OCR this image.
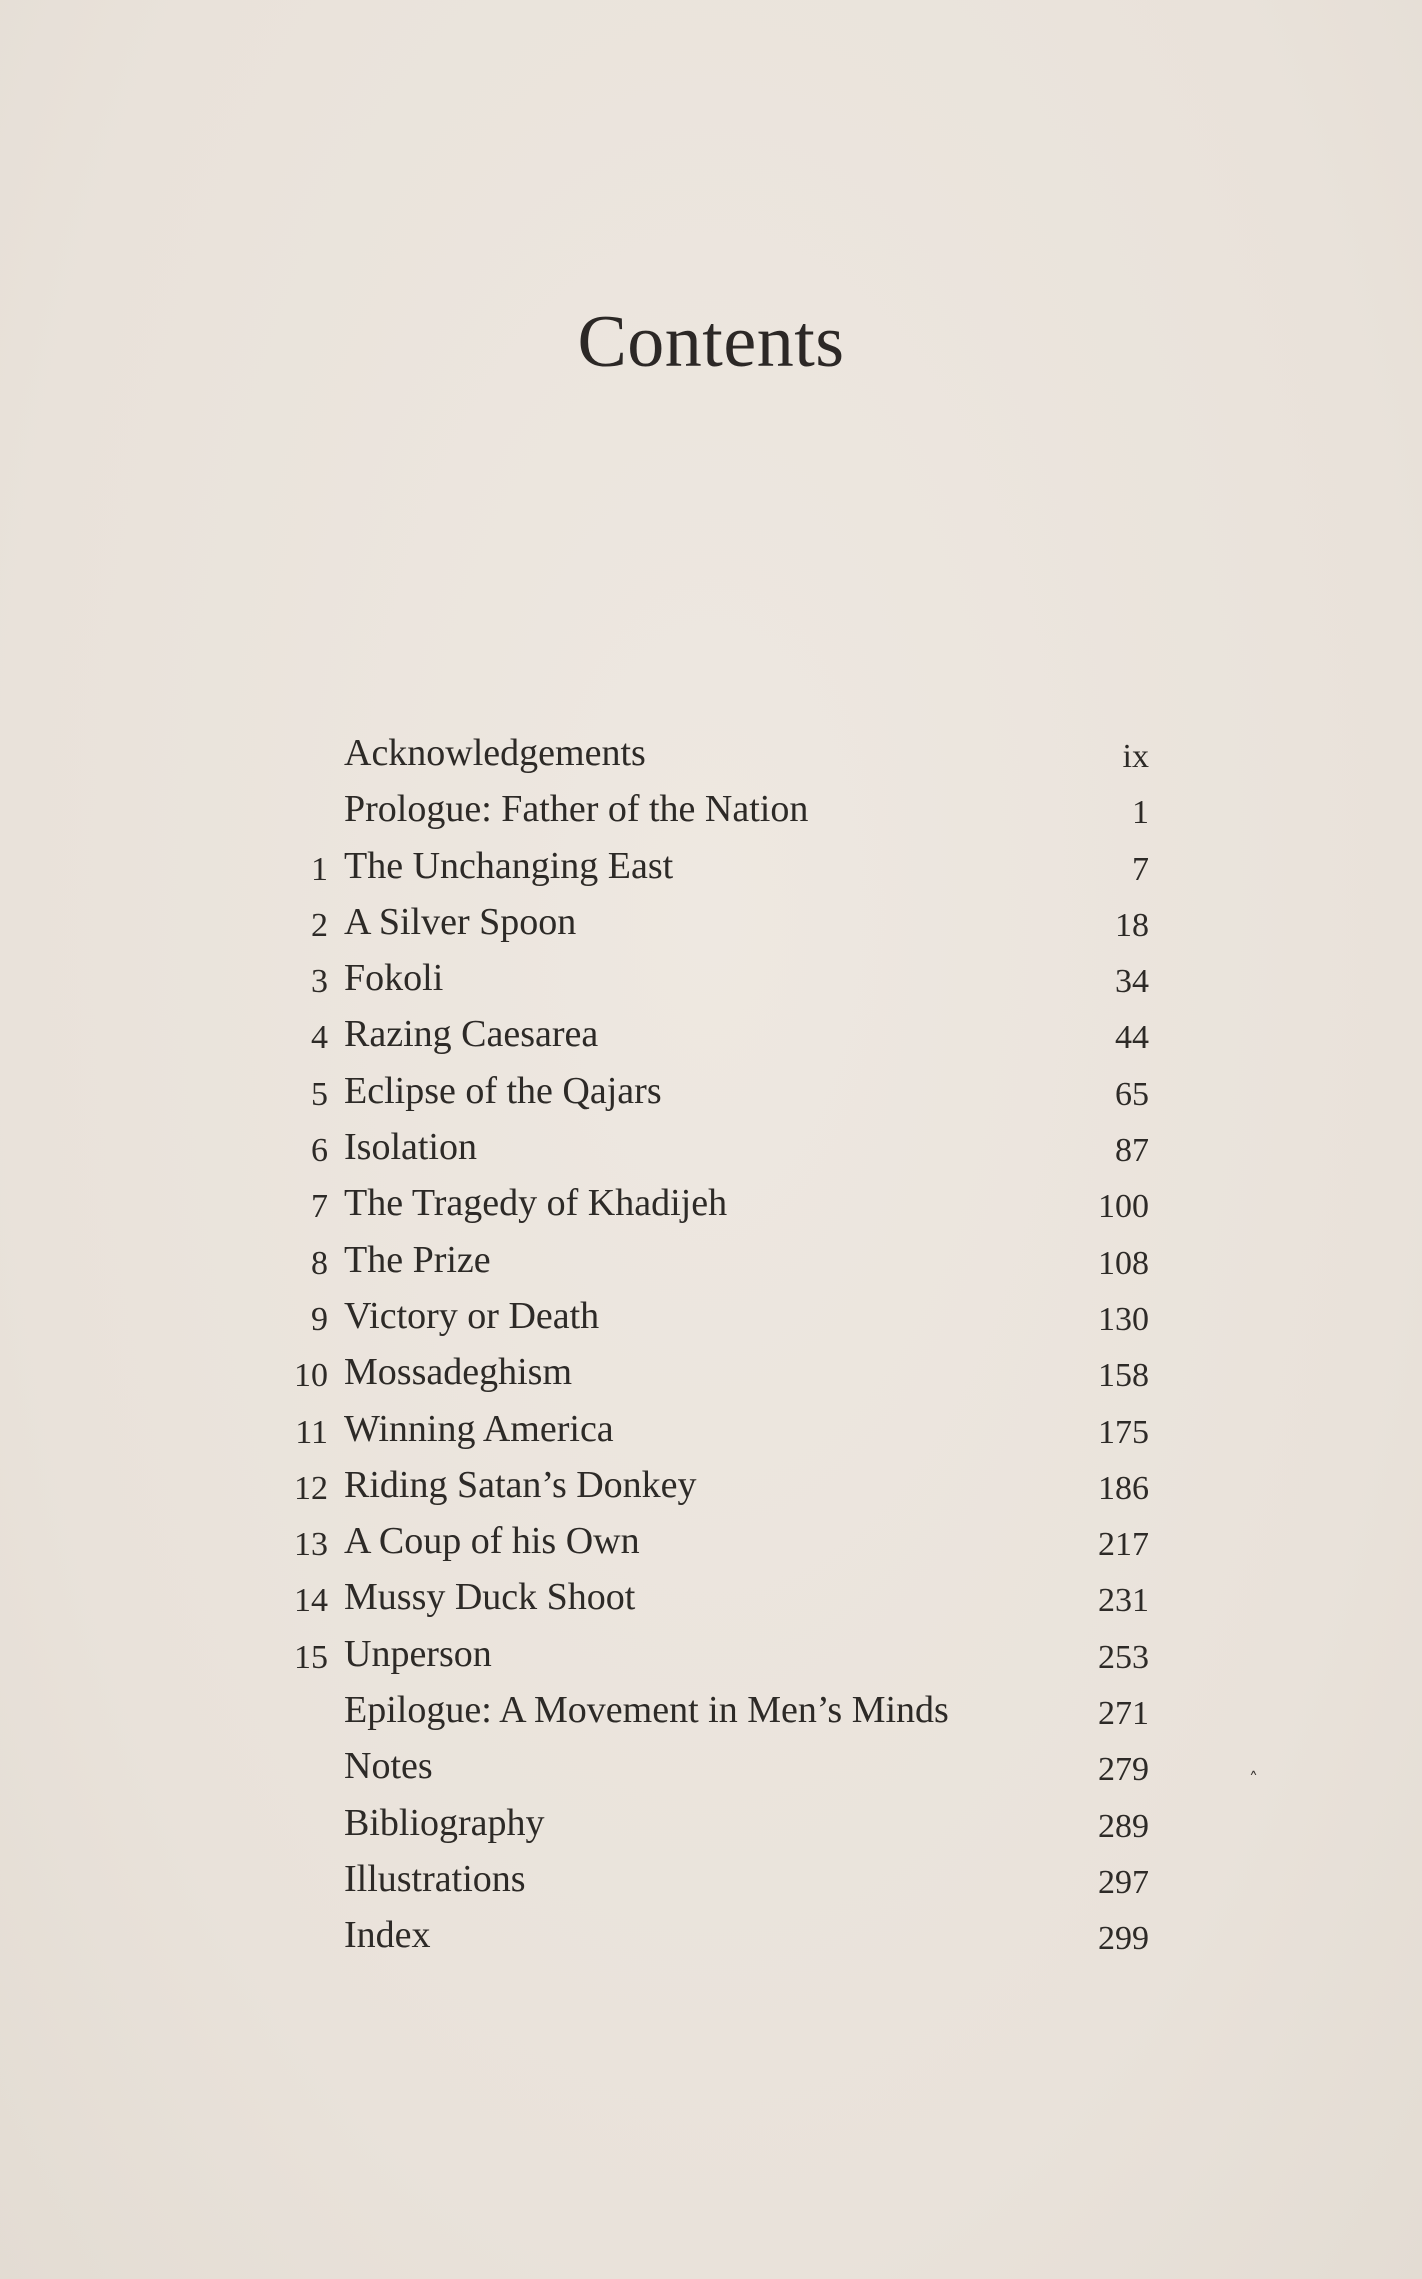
Contents
Acknowledgements	ix
Prologue: Father of the Nation	1
1 The Unchanging East	7
2 A Silver Spoon	18
3 Fokoli	34
4 Razing Caesarea	44
5 Eclipse of the Qajars	65
6 Isolation	87
7 The Tragedy of Khadijeh	100
8 The Prize	108
9 Victory or Death	130
10 Mossadeghism	158
11 Winning America	175
12 Riding Satan’s Donkey	186
13 A Coup of his Own	217
14 Mussy Duck Shoot	231
15 Unperson	253
Epilogue: A Movement in Men’s Minds	271
Notes	279
Bibliography	289
Illustrations	297
Index	299
˄
